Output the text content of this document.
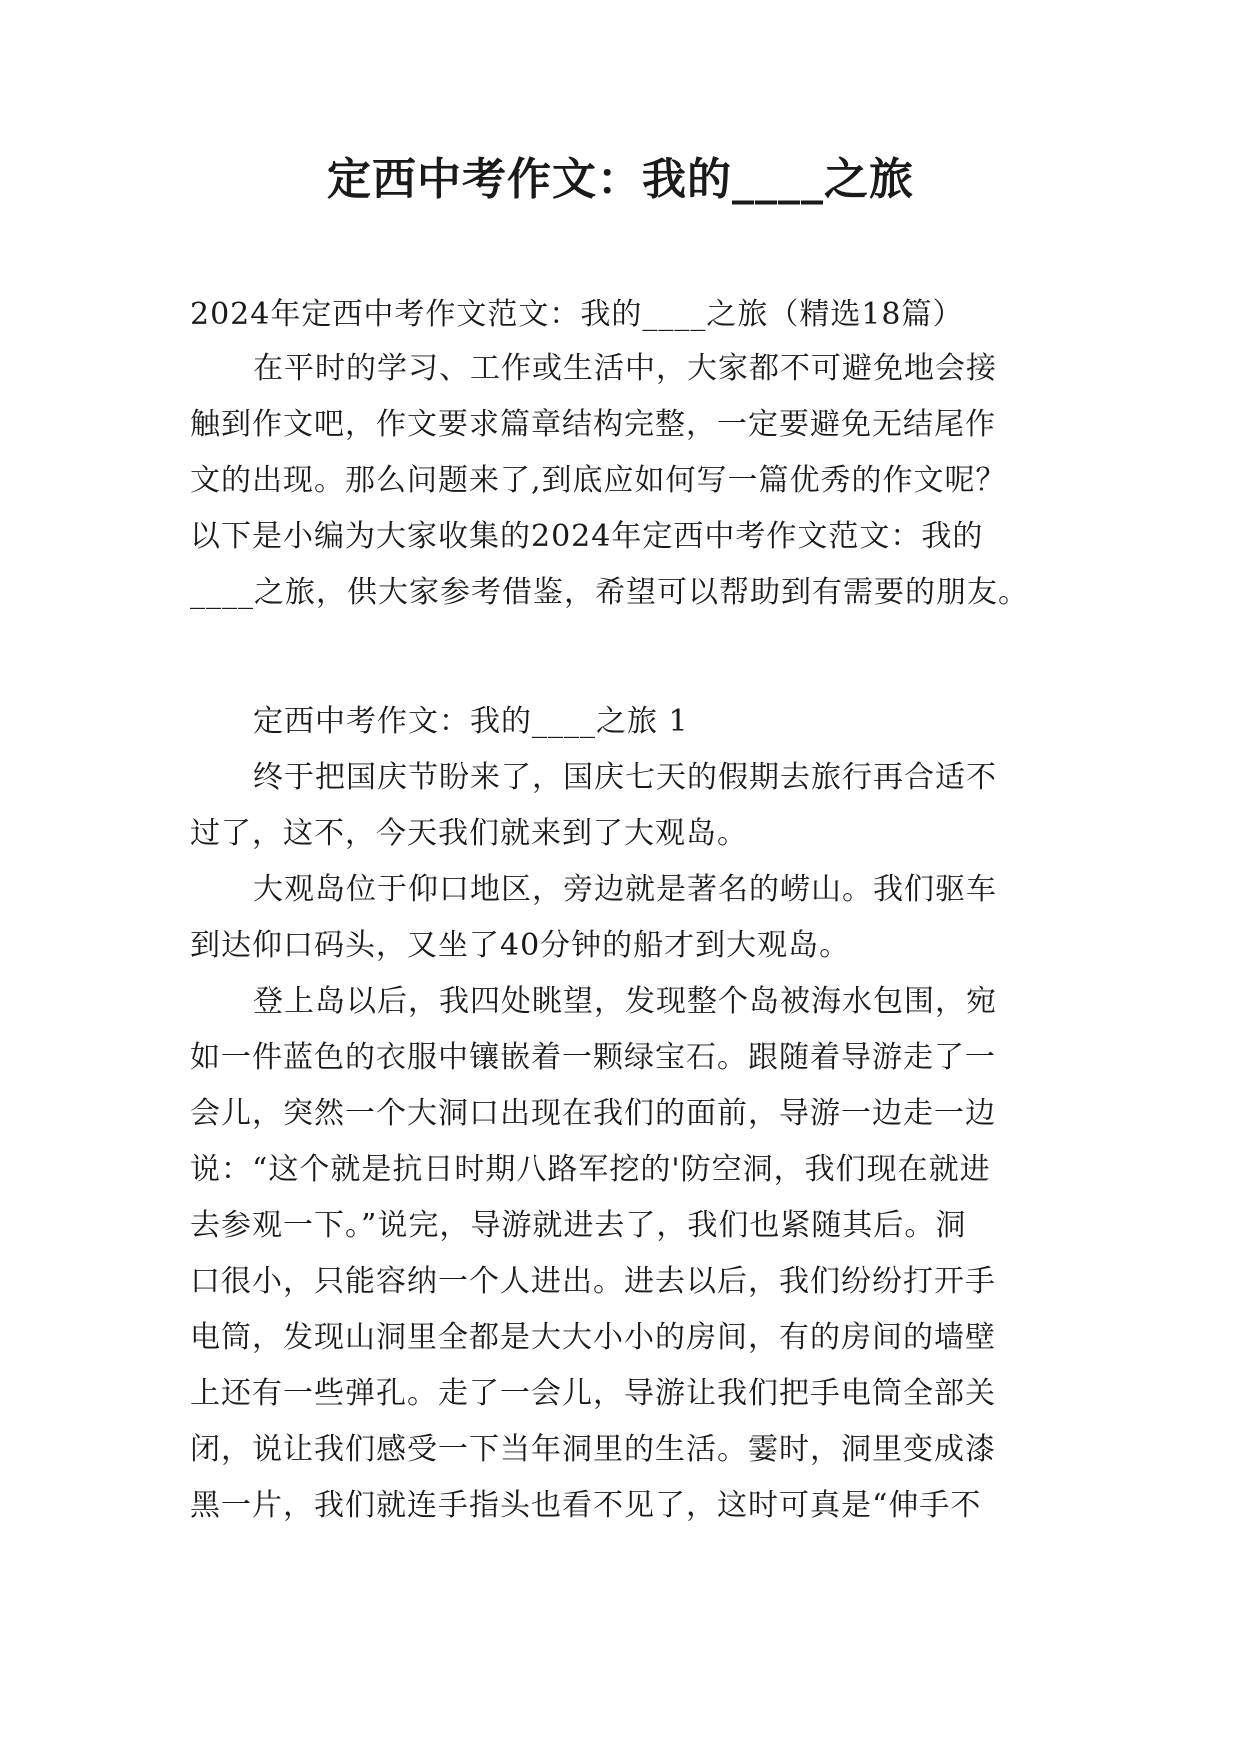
定西中考作文：我的____之旅
2024年定西中考作文范文：我的____之旅（精选18篇）
在平时的学习、工作或生活中，大家都不可避免地会接
触到作文吧，作文要求篇章结构完整，一定要避免无结尾作
文的出现。那么问题来了,到底应如何写一篇优秀的作文呢？
以下是小编为大家收集的2024年定西中考作文范文：我的
____之旅，供大家参考借鉴，希望可以帮助到有需要的朋友。
定西中考作文：我的____之旅 1
终于把国庆节盼来了，国庆七天的假期去旅行再合适不
过了，这不，今天我们就来到了大观岛。
大观岛位于仰口地区，旁边就是著名的崂山。我们驱车
到达仰口码头，又坐了40分钟的船才到大观岛。
登上岛以后，我四处眺望，发现整个岛被海水包围，宛
如一件蓝色的衣服中镶嵌着一颗绿宝石。跟随着导游走了一
会儿，突然一个大洞口出现在我们的面前，导游一边走一边
说：“这个就是抗日时期八路军挖的'防空洞，我们现在就进
去参观一下。”说完，导游就进去了，我们也紧随其后。洞
口很小，只能容纳一个人进出。进去以后，我们纷纷打开手
电筒，发现山洞里全都是大大小小的房间，有的房间的墙壁
上还有一些弹孔。走了一会儿，导游让我们把手电筒全部关
闭，说让我们感受一下当年洞里的生活。霎时，洞里变成漆
黑一片，我们就连手指头也看不见了，这时可真是“伸手不
